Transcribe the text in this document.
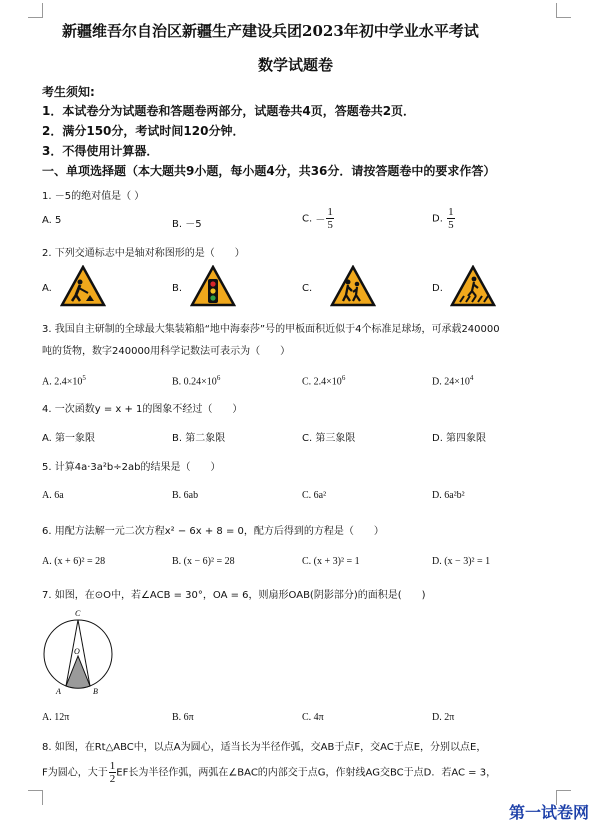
新疆维吾尔自治区新疆生产建设兵团2023年初中学业水平考试
数学试题卷
考生须知:
1．本试卷分为试题卷和答题卷两部分，试题卷共4页，答题卷共2页．
2．满分150分，考试时间120分钟．
3．不得使用计算器．
一、单项选择题（本大题共9小题，每小题4分，共36分．请按答题卷中的要求作答）
1. －5的绝对值是（ ）
A. 5	B. －5	C. － $\frac{1}{5}$	D. $\frac{1}{5}$
2. 下列交通标志中是轴对称图形的是（　　）
A.	B.	C.	D.
3. 我国自主研制的全球最大集装箱船“地中海泰莎”号的甲板面积近似于4个标准足球场，可承载240000
吨的货物，数字240000用科学记数法可表示为（　　）
A. $2.4\times 10^5$	B. $0.24\times 10^6$	C. $2.4\times 10^6$	D. $24\times 10^4$
4. 一次函数y = x + 1的图象不经过（　　）
A. 第一象限	B. 第二象限	C. 第三象限	D. 第四象限
5. 计算4a·3a²b÷2ab的结果是（　　）
A. 6a	B. 6ab	C. 6a²	D. 6a²b²
6. 用配方法解一元二次方程x² − 6x + 8 = 0，配方后得到的方程是（　　）
A. (x + 6)² = 28	B. (x − 6)² = 28	C. (x + 3)² = 1	D. (x − 3)² = 1
7. 如图，在⊙O中，若∠ACB = 30°，OA = 6，则扇形OAB(阴影部分)的面积是(　　)
C
O
A	B
A. 12π	B. 6π	C. 4π	D. 2π
8. 如图，在Rt△ABC中，以点A为圆心，适当长为半径作弧，交AB于点F，交AC于点E，分别以点E，
F为圆心，大于 $\frac{1}{2}$ EF长为半径作弧，两弧在∠BAC的内部交于点G，作射线AG交BC于点D．若AC = 3，
第一试卷网
